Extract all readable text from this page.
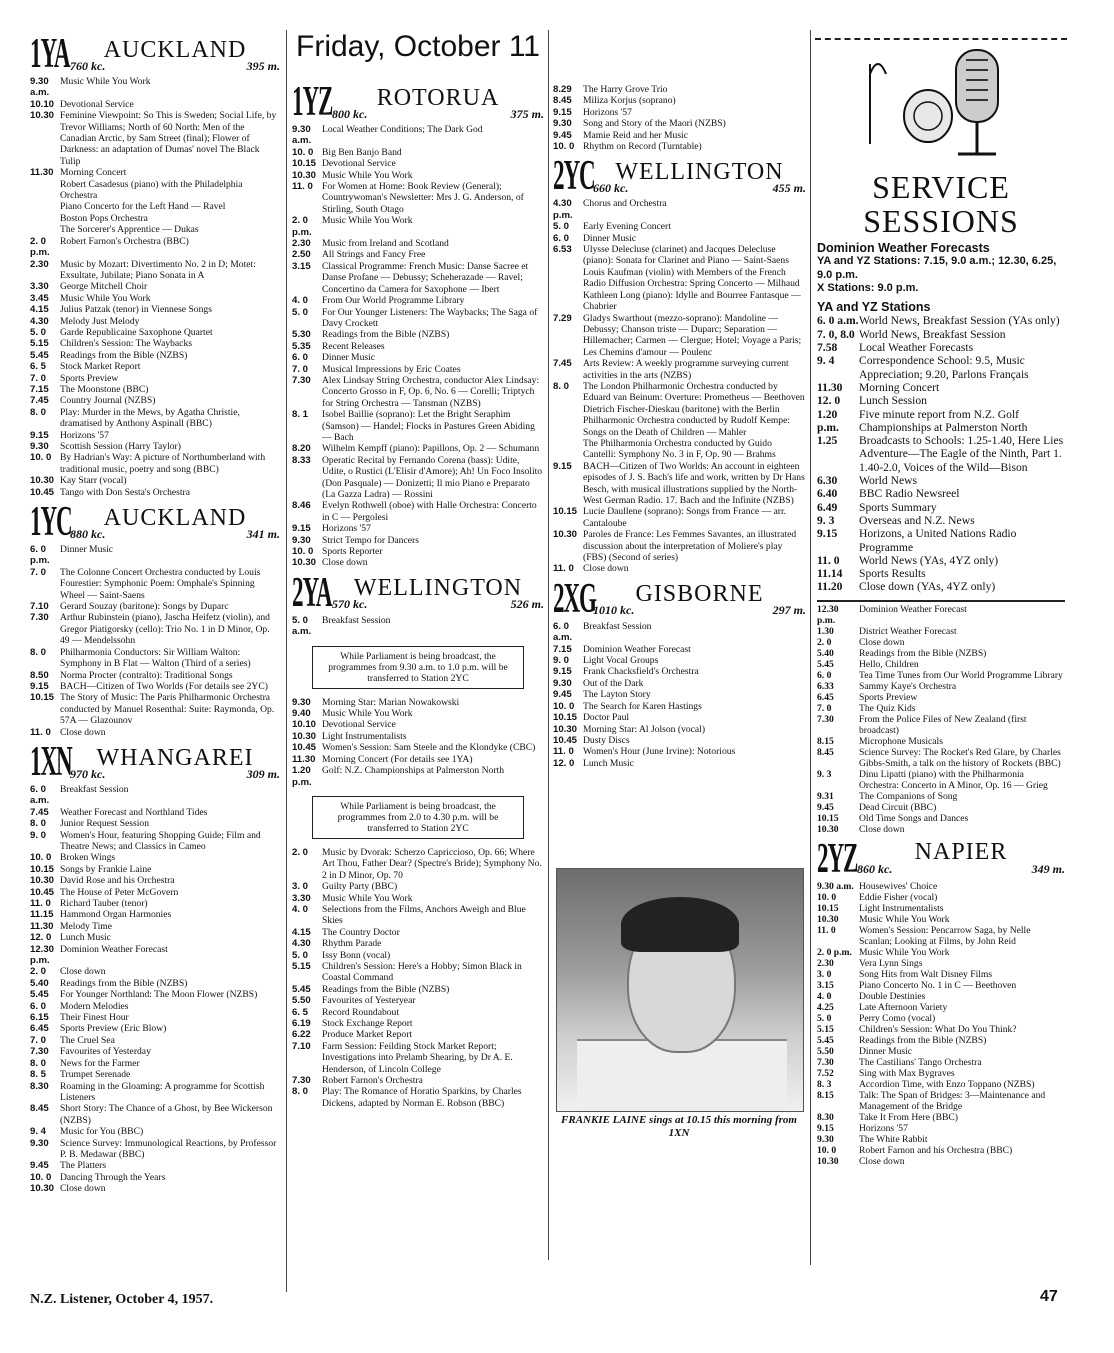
1YA	AUCKLAND
760 kc.	395 m.
9.30 a.m.
Music While You Work
10.10 Devotional Service
10.30 Feminine Viewpoint: So This is Sweden; Social Life, by Trevor Williams; North of 60 North: Men of the Canadian Arctic, by Sam Street (final); Flower of Darkness: an adaptation of Dumas' novel The Black Tulip
11.30 Morning Concert
Robert Casadesus (piano) with the Philadelphia Orchestra
Piano Concerto for the Left Hand — Ravel
Boston Pops Orchestra
The Sorcerer's Apprentice — Dukas
2. 0 p.m.
Robert Farnon's Orchestra (BBC)
2.30	Music by Mozart: Divertimento No. 2 in D; Motet: Exsultate, Jubilate; Piano Sonata in A
3.30	George Mitchell Choir
3.45	Music While You Work
4.15	Julius Patzak (tenor) in Viennese Songs
4.30	Melody Just Melody
5. 0	Garde Republicaine Saxophone Quartet
5.15	Children's Session: The Waybacks
5.45	Readings from the Bible (NZBS)
6. 5	Stock Market Report
7. 0	Sports Preview
7.15	The Moonstone (BBC)
7.45	Country Journal (NZBS)
8. 0	Play: Murder in the Mews, by Agatha Christie, dramatised by Anthony Aspinall (BBC)
9.15	Horizons '57
9.30	Scottish Session (Harry Taylor)
10. 0 By Hadrian's Way: A picture of Northumberland with traditional music, poetry and song (BBC)
10.30 Kay Starr (vocal)
10.45 Tango with Don Sesta's Orchestra
1YC	AUCKLAND
880 kc.	341 m.
6. 0 p.m.
Dinner Music
7. 0	The Colonne Concert Orchestra conducted by Louis Fourestier: Symphonic Poem: Omphale's Spinning Wheel — Saint-Saens
7.10	Gerard Souzay (baritone): Songs by Duparc
7.30	Arthur Rubinstein (piano), Jascha Heifetz (violin), and Gregor Piatigorsky (cello): Trio No. 1 in D Minor, Op. 49 — Mendelssohn
8. 0	Philharmonia Conductors: Sir William Walton: Symphony in B Flat — Walton (Third of a series)
8.50	Norma Procter (contralto): Traditional Songs
9.15	BACH—Citizen of Two Worlds (For details see 2YC)
10.15 The Story of Music: The Paris Philharmonic Orchestra conducted by Manuel Rosenthal: Suite: Raymonda, Op. 57A — Glazounov
11. 0 Close down
1XN	WHANGAREI
970 kc.	309 m.
6. 0 a.m.
Breakfast Session
7.45	Weather Forecast and Northland Tides
8. 0	Junior Request Session
9. 0	Women's Hour, featuring Shopping Guide; Film and Theatre News; and Classics in Cameo
10. 0 Broken Wings
10.15 Songs by Frankie Laine
10.30 David Rose and his Orchestra
10.45 The House of Peter McGovern
11. 0 Richard Tauber (tenor)
11.15 Hammond Organ Harmonies
11.30 Melody Time
12. 0 Lunch Music
12.30 p.m.
Dominion Weather Forecast
2. 0	Close down
5.40	Readings from the Bible (NZBS)
5.45	For Younger Northland: The Moon Flower (NZBS)
6. 0	Modern Melodies
6.15	Their Finest Hour
6.45	Sports Preview (Eric Blow)
7. 0	The Cruel Sea
7.30	Favourites of Yesterday
8. 0	News for the Farmer
8. 5	Trumpet Serenade
8.30	Roaming in the Gloaming: A programme for Scottish Listeners
8.45	Short Story: The Chance of a Ghost, by Bee Wickerson (NZBS)
9. 4	Music for You (BBC)
9.30	Science Survey: Immunological Reactions, by Professor P. B. Medawar (BBC)
9.45	The Platters
10. 0 Dancing Through the Years
10.30 Close down
Friday, October 11
1YZ	ROTORUA
800 kc.	375 m.
9.30 a.m.
Local Weather Conditions; The Dark God
10. 0 Big Ben Banjo Band
10.15 Devotional Service
10.30 Music While You Work
11. 0 For Women at Home: Book Review (General); Countrywoman's Newsletter: Mrs J. G. Anderson, of Stirling, South Otago
2. 0 p.m.
Music While You Work
2.30	Music from Ireland and Scotland
2.50	All Strings and Fancy Free
3.15	Classical Programme: French Music: Danse Sacree et Danse Profane — Debussy; Scheherazade — Ravel; Concertino da Camera for Saxophone — Ibert
4. 0	From Our World Programme Library
5. 0	For Our Younger Listeners: The Waybacks; The Saga of Davy Crockett
5.30	Readings from the Bible (NZBS)
5.35	Recent Releases
6. 0	Dinner Music
7. 0	Musical Impressions by Eric Coates
7.30	Alex Lindsay String Orchestra, conductor Alex Lindsay: Concerto Grosso in F, Op. 6, No. 6 — Corelli; Triptych for String Orchestra — Tansman (NZBS)
8. 1	Isobel Baillie (soprano): Let the Bright Seraphim (Samson) — Handel; Flocks in Pastures Green Abiding — Bach
8.20	Wilhelm Kempff (piano): Papillons, Op. 2 — Schumann
8.33	Operatic Recital by Fernando Corena (bass): Udite, Udite, o Rustici (L'Elisir d'Amore); Ah! Un Foco Insolito (Don Pasquale) — Donizetti; Il mio Piano e Preparato (La Gazza Ladra) — Rossini
8.46	Evelyn Rothwell (oboe) with Halle Orchestra: Concerto in C — Pergolesi
9.15	Horizons '57
9.30	Strict Tempo for Dancers
10. 0 Sports Reporter
10.30 Close down
2YA WELLINGTON
570 kc.	526 m.
5. 0 a.m.
Breakfast Session
While Parliament is being broadcast, the programmes from 9.30 a.m. to 1.0 p.m. will be transferred to Station 2YC
9.30	Morning Star: Marian Nowakowski
9.40	Music While You Work
10.10 Devotional Service
10.30 Light Instrumentalists
10.45 Women's Session: Sam Steele and the Klondyke (CBC)
11.30 Morning Concert (For details see 1YA)
1.20 p.m.
Golf: N.Z. Championships at Palmerston North
While Parliament is being broadcast, the programmes from 2.0 to 4.30 p.m. will be transferred to Station 2YC
2. 0	Music by Dvorak: Scherzo Capriccioso, Op. 66; Where Art Thou, Father Dear? (Spectre's Bride); Symphony No. 2 in D Minor, Op. 70
3. 0	Guilty Party (BBC)
3.30	Music While You Work
4. 0	Selections from the Films, Anchors Aweigh and Blue Skies
4.15	The Country Doctor
4.30	Rhythm Parade
5. 0	Issy Bonn (vocal)
5.15	Children's Session: Here's a Hobby; Simon Black in Coastal Command
5.45	Readings from the Bible (NZBS)
5.50	Favourites of Yesteryear
6. 5	Record Roundabout
6.19	Stock Exchange Report
6.22	Produce Market Report
7.10	Farm Session: Feilding Stock Market Report; Investigations into Prelamb Shearing, by Dr A. E. Henderson, of Lincoln College
7.30	Robert Farnon's Orchestra
8. 0	Play: The Romance of Horatio Sparkins, by Charles Dickens, adapted by Norman E. Robson (BBC)
8.29	The Harry Grove Trio
8.45	Miliza Korjus (soprano)
9.15	Horizons '57
9.30	Song and Story of the Maori (NZBS)
9.45	Mamie Reid and her Music
10. 0 Rhythm on Record (Turntable)
2YC WELLINGTON
660 kc.	455 m.
4.30 p.m.
Chorus and Orchestra
5. 0	Early Evening Concert
6. 0	Dinner Music
6.53	Ulysse Delecluse (clarinet) and Jacques Delecluse (piano): Sonata for Clarinet and Piano — Saint-Saens
Louis Kaufman (violin) with Members of the French Radio Diffusion Orchestra: Spring Concerto — Milhaud
Kathleen Long (piano): Idylle and Bourree Fantasque — Chabrier
7.29	Gladys Swarthout (mezzo-soprano): Mandoline — Debussy; Chanson triste — Duparc; Separation — Hillemacher; Carmen — Clergue; Hotel; Voyage a Paris; Les Chemins d'amour — Poulenc
7.45	Arts Review: A weekly programme surveying current activities in the arts (NZBS)
8. 0	The London Philharmonic Orchestra conducted by Eduard van Beinum: Overture: Prometheus — Beethoven
Dietrich Fischer-Dieskau (baritone) with the Berlin Philharmonic Orchestra conducted by Rudolf Kempe: Songs on the Death of Children — Mahler
The Philharmonia Orchestra conducted by Guido Cantelli: Symphony No. 3 in F, Op. 90 — Brahms
9.15	BACH—Citizen of Two Worlds: An account in eighteen episodes of J. S. Bach's life and work, written by Dr Hans Besch, with musical illustrations supplied by the North-West German Radio. 17. Bach and the Infinite (NZBS)
10.15 Lucie Daullene (soprano): Songs from France — arr. Cantaloube
10.30 Paroles de France: Les Femmes Savantes, an illustrated discussion about the interpretation of Moliere's play (FBS) (Second of series)
11. 0 Close down
2XG	GISBORNE
1010 kc.	297 m.
6. 0 a.m.
Breakfast Session
7.15	Dominion Weather Forecast
9. 0	Light Vocal Groups
9.15	Frank Chacksfield's Orchestra
9.30	Out of the Dark
9.45	The Layton Story
10. 0 The Search for Karen Hastings
10.15 Doctor Paul
10.30 Morning Star: Al Jolson (vocal)
10.45 Dusty Discs
11. 0 Women's Hour (June Irvine): Notorious
12. 0 Lunch Music
FRANKIE LAINE sings at 10.15 this morning from 1XN
SERVICE
SESSIONS
Dominion Weather Forecasts
YA and YZ Stations: 7.15, 9.0 a.m.; 12.30, 6.25, 9.0 p.m.
X Stations: 9.0 p.m.
YA and YZ Stations
6. 0 a.m. World News, Breakfast Session (YAs only)
7. 0, 8.0 World News, Breakfast Session
7.58	Local Weather Forecasts
9. 4	Correspondence School: 9.5, Music Appreciation; 9.20, Parlons Français
11.30	Morning Concert
12. 0	Lunch Session
1.20 p.m.
Five minute report from N.Z. Golf Championships at Palmerston North
1.25	Broadcasts to Schools: 1.25-1.40, Here Lies Adventure—The Eagle of the Ninth, Part 1. 1.40-2.0, Voices of the Wild—Bison
6.30	World News
6.40	BBC Radio Newsreel
6.49	Sports Summary
9. 3	Overseas and N.Z. News
9.15	Horizons, a United Nations Radio Programme
11. 0	World News (YAs, 4YZ only)
11.14	Sports Results
11.20	Close down (YAs, 4YZ only)
12.30 p.m.
Dominion Weather Forecast
1.30	District Weather Forecast
2. 0	Close down
5.40	Readings from the Bible (NZBS)
5.45	Hello, Children
6. 0	Tea Time Tunes from Our World Programme Library
6.33	Sammy Kaye's Orchestra
6.45	Sports Preview
7. 0	The Quiz Kids
7.30	From the Police Files of New Zealand (first broadcast)
8.15	Microphone Musicals
8.45	Science Survey: The Rocket's Red Glare, by Charles Gibbs-Smith, a talk on the history of Rockets (BBC)
9. 3	Dinu Lipatti (piano) with the Philharmonia Orchestra: Concerto in A Minor, Op. 16 — Grieg
9.31	The Companions of Song
9.45	Dead Circuit (BBC)
10.15	Old Time Songs and Dances
10.30	Close down
2YZ	NAPIER
860 kc.	349 m.
9.30 a.m. Housewives' Choice
10. 0	Eddie Fisher (vocal)
10.15	Light Instrumentalists
10.30	Music While You Work
11. 0	Women's Session: Pencarrow Saga, by Nelle Scanlan; Looking at Films, by John Reid
2. 0 p.m. Music While You Work
2.30	Vera Lynn Sings
3. 0	Song Hits from Walt Disney Films
3.15	Piano Concerto No. 1 in C — Beethoven
4. 0	Double Destinies
4.25	Late Afternoon Variety
5. 0	Perry Como (vocal)
5.15	Children's Session: What Do You Think?
5.45	Readings from the Bible (NZBS)
5.50	Dinner Music
7.30	The Castilians' Tango Orchestra
7.52	Sing with Max Bygraves
8. 3	Accordion Time, with Enzo Toppano (NZBS)
8.15	Talk: The Span of Bridges: 3—Maintenance and Management of the Bridge
8.30	Take It From Here (BBC)
9.15	Horizons '57
9.30	The White Rabbit
10. 0	Robert Farnon and his Orchestra (BBC)
10.30	Close down
N.Z. Listener, October 4, 1957.	47
